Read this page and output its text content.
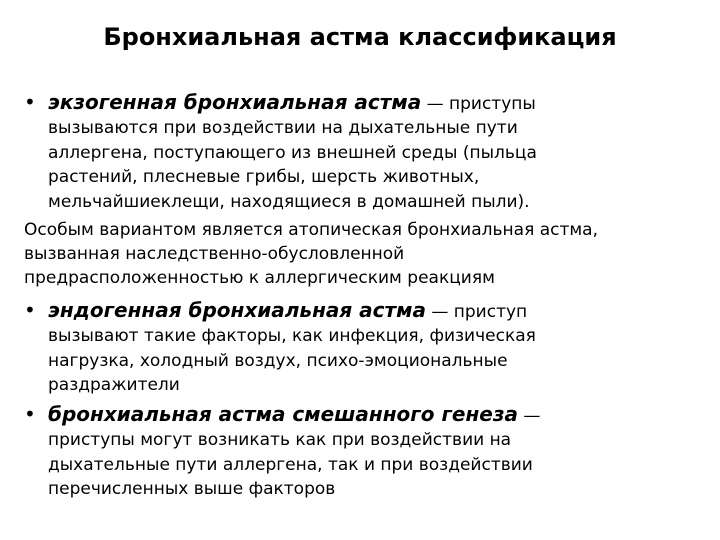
Бронхиальная астма классификация
• экзогенная бронхиальная астма — приступы
вызываются при воздействии на дыхательные пути
аллергена, поступающего из внешней среды (пыльца
растений, плесневые грибы, шерсть животных,
мельчайшиеклещи, находящиеся в домашней пыли).
Особым вариантом является атопическая бронхиальная астма,
вызванная наследственно-обусловленной
предрасположенностью к аллергическим реакциям
• эндогенная бронхиальная астма — приступ
вызывают такие факторы, как инфекция, физическая
нагрузка, холодный воздух, психо-эмоциональные
раздражители
• бронхиальная астма смешанного генеза —
приступы могут возникать как при воздействии на
дыхательные пути аллергена, так и при воздействии
перечисленных выше факторов
